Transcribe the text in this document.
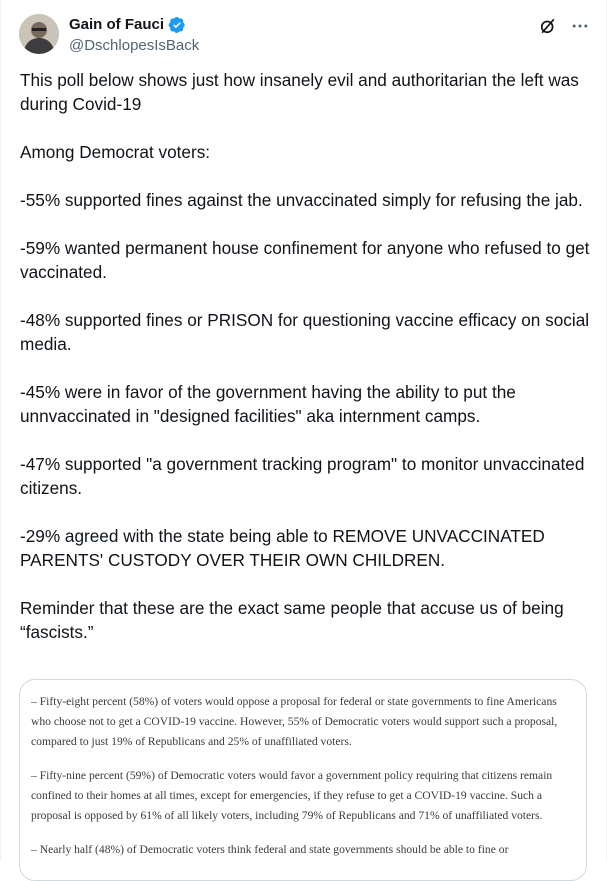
Gain of Fauci
@DschlopesIsBack

This poll below shows just how insanely evil and authoritarian the left was during Covid-19

Among Democrat voters:

-55% supported fines against the unvaccinated simply for refusing the jab.

-59% wanted permanent house confinement for anyone who refused to get vaccinated.

-48% supported fines or PRISON for questioning vaccine efficacy on social media.

-45% were in favor of the government having the ability to put the unnvaccinated in "designed facilities" aka internment camps.

-47% supported "a government tracking program" to monitor unvaccinated citizens.

-29% agreed with the state being able to REMOVE UNVACCINATED PARENTS' CUSTODY OVER THEIR OWN CHILDREN.

Reminder that these are the exact same people that accuse us of being “fascists.”

– Fifty-eight percent (58%) of voters would oppose a proposal for federal or state governments to fine Americans who choose not to get a COVID-19 vaccine. However, 55% of Democratic voters would support such a proposal, compared to just 19% of Republicans and 25% of unaffiliated voters.

– Fifty-nine percent (59%) of Democratic voters would favor a government policy requiring that citizens remain confined to their homes at all times, except for emergencies, if they refuse to get a COVID-19 vaccine. Such a proposal is opposed by 61% of all likely voters, including 79% of Republicans and 71% of unaffiliated voters.

– Nearly half (48%) of Democratic voters think federal and state governments should be able to fine or
